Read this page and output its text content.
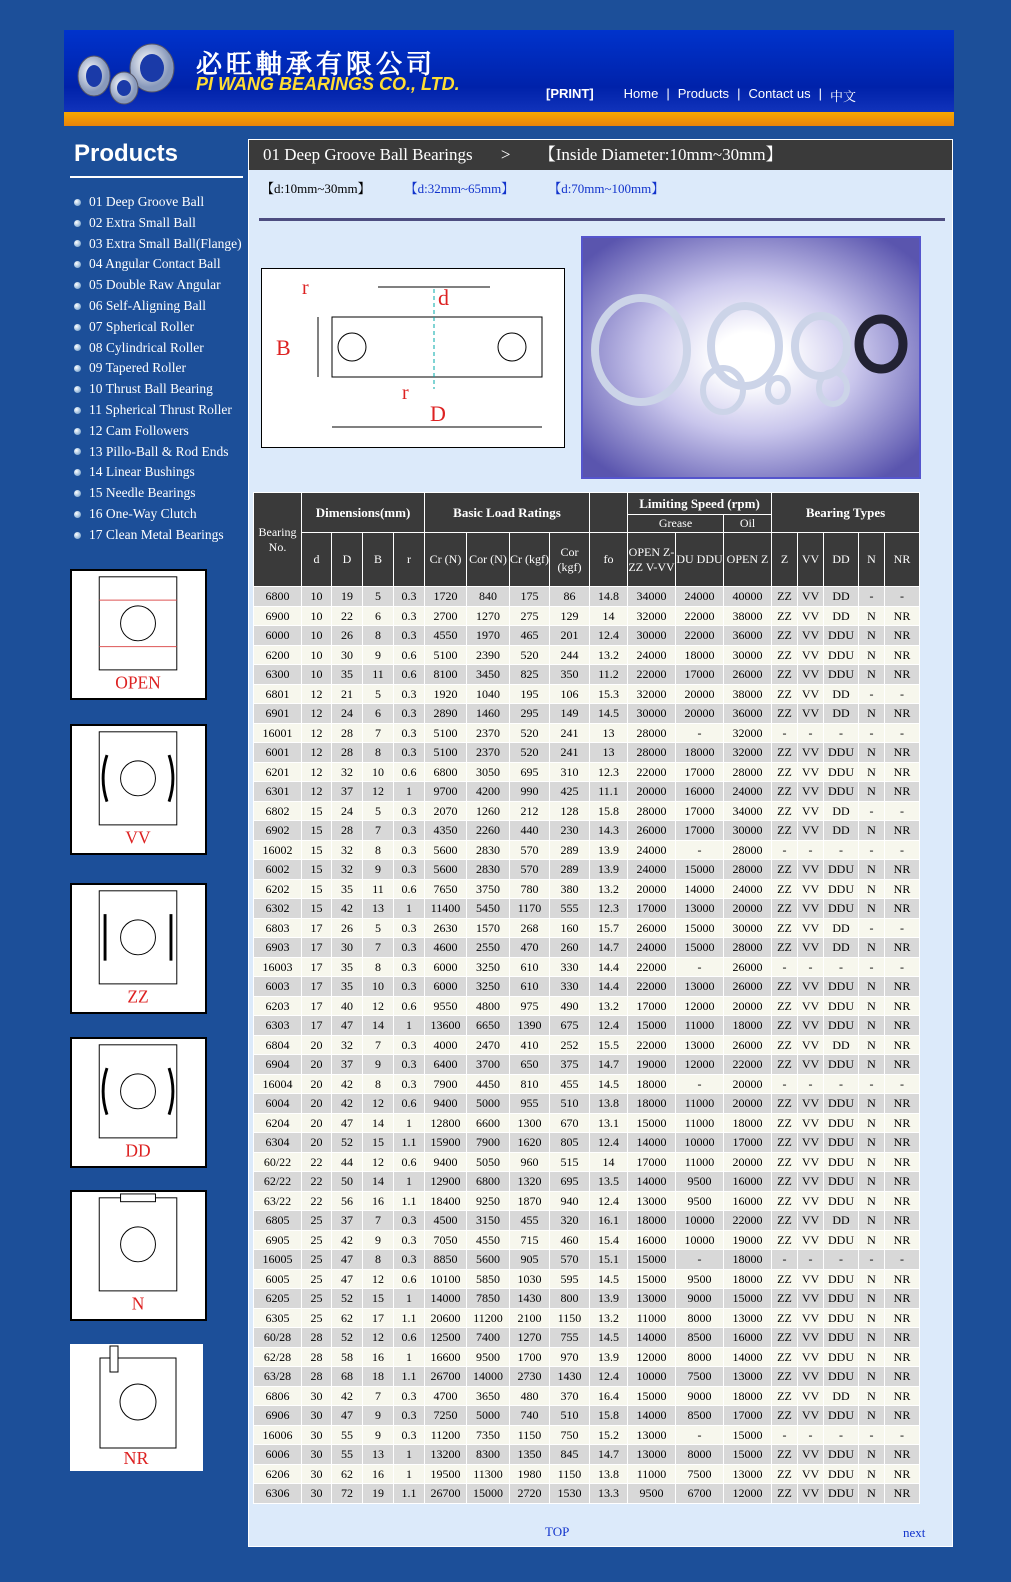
必旺軸承有限公司
PI WANG BEARINGS CO., LTD.	[PRINT] Home | Products | Contact us | 中文
Products
01 Deep Groove Ball
02 Extra Small Ball
03 Extra Small Ball(Flange)
04 Angular Contact Ball
05 Double Raw Angular
06 Self-Aligning Ball
07 Spherical Roller
08 Cylindrical Roller
09 Tapered Roller
10 Thrust Ball Bearing
11 Spherical Thrust Roller
12 Cam Followers
13 Pillo-Ball & Rod Ends
14 Linear Bushings
15 Needle Bearings
16 One-Way Clutch
17 Clean Metal Bearings
OPEN
VV
ZZ
DD
N
NR
01 Deep Groove Ball Bearings > 【Inside Diameter:10mm~30mm】
【d:10mm~30mm】	【d:32mm~65mm】	【d:70mm~100mm】
r	d
B
r
D
Bearing No.	Dimensions(mm)				Basic Load Ratings					Limiting Speed (rpm)			Bearing Types				
										Grease		Oil					
	d	D	B	r	Cr (N)	Cor (N)	Cr (kgf)	Cor (kgf)	fo	OPEN Z-ZZ V-VV	DU DDU	OPEN Z	Z	VV	DD	N	NR
6800	10	19	5	0.3	1720	840	175	86	14.8	34000	24000	40000	ZZ	VV	DD	-	-
6900	10	22	6	0.3	2700	1270	275	129	14	32000	22000	38000	ZZ	VV	DD	N	NR
6000	10	26	8	0.3	4550	1970	465	201	12.4	30000	22000	36000	ZZ	VV	DDU	N	NR
6200	10	30	9	0.6	5100	2390	520	244	13.2	24000	18000	30000	ZZ	VV	DDU	N	NR
6300	10	35	11	0.6	8100	3450	825	350	11.2	22000	17000	26000	ZZ	VV	DDU	N	NR
6801	12	21	5	0.3	1920	1040	195	106	15.3	32000	20000	38000	ZZ	VV	DD	-	-
6901	12	24	6	0.3	2890	1460	295	149	14.5	30000	20000	36000	ZZ	VV	DD	N	NR
16001	12	28	7	0.3	5100	2370	520	241	13	28000	-	32000	-	-	-	-	-
6001	12	28	8	0.3	5100	2370	520	241	13	28000	18000	32000	ZZ	VV	DDU	N	NR
6201	12	32	10	0.6	6800	3050	695	310	12.3	22000	17000	28000	ZZ	VV	DDU	N	NR
6301	12	37	12	1	9700	4200	990	425	11.1	20000	16000	24000	ZZ	VV	DDU	N	NR
6802	15	24	5	0.3	2070	1260	212	128	15.8	28000	17000	34000	ZZ	VV	DD	-	-
6902	15	28	7	0.3	4350	2260	440	230	14.3	26000	17000	30000	ZZ	VV	DD	N	NR
16002	15	32	8	0.3	5600	2830	570	289	13.9	24000	-	28000	-	-	-	-	-
6002	15	32	9	0.3	5600	2830	570	289	13.9	24000	15000	28000	ZZ	VV	DDU	N	NR
6202	15	35	11	0.6	7650	3750	780	380	13.2	20000	14000	24000	ZZ	VV	DDU	N	NR
6302	15	42	13	1	11400	5450	1170	555	12.3	17000	13000	20000	ZZ	VV	DDU	N	NR
6803	17	26	5	0.3	2630	1570	268	160	15.7	26000	15000	30000	ZZ	VV	DD	-	-
6903	17	30	7	0.3	4600	2550	470	260	14.7	24000	15000	28000	ZZ	VV	DD	N	NR
16003	17	35	8	0.3	6000	3250	610	330	14.4	22000	-	26000	-	-	-	-	-
6003	17	35	10	0.3	6000	3250	610	330	14.4	22000	13000	26000	ZZ	VV	DDU	N	NR
6203	17	40	12	0.6	9550	4800	975	490	13.2	17000	12000	20000	ZZ	VV	DDU	N	NR
6303	17	47	14	1	13600	6650	1390	675	12.4	15000	11000	18000	ZZ	VV	DDU	N	NR
6804	20	32	7	0.3	4000	2470	410	252	15.5	22000	13000	26000	ZZ	VV	DD	N	NR
6904	20	37	9	0.3	6400	3700	650	375	14.7	19000	12000	22000	ZZ	VV	DDU	N	NR
16004	20	42	8	0.3	7900	4450	810	455	14.5	18000	-	20000	-	-	-	-	-
6004	20	42	12	0.6	9400	5000	955	510	13.8	18000	11000	20000	ZZ	VV	DDU	N	NR
6204	20	47	14	1	12800	6600	1300	670	13.1	15000	11000	18000	ZZ	VV	DDU	N	NR
6304	20	52	15	1.1	15900	7900	1620	805	12.4	14000	10000	17000	ZZ	VV	DDU	N	NR
60/22	22	44	12	0.6	9400	5050	960	515	14	17000	11000	20000	ZZ	VV	DDU	N	NR
62/22	22	50	14	1	12900	6800	1320	695	13.5	14000	9500	16000	ZZ	VV	DDU	N	NR
63/22	22	56	16	1.1	18400	9250	1870	940	12.4	13000	9500	16000	ZZ	VV	DDU	N	NR
6805	25	37	7	0.3	4500	3150	455	320	16.1	18000	10000	22000	ZZ	VV	DD	N	NR
6905	25	42	9	0.3	7050	4550	715	460	15.4	16000	10000	19000	ZZ	VV	DDU	N	NR
16005	25	47	8	0.3	8850	5600	905	570	15.1	15000	-	18000	-	-	-	-	-
6005	25	47	12	0.6	10100	5850	1030	595	14.5	15000	9500	18000	ZZ	VV	DDU	N	NR
6205	25	52	15	1	14000	7850	1430	800	13.9	13000	9000	15000	ZZ	VV	DDU	N	NR
6305	25	62	17	1.1	20600	11200	2100	1150	13.2	11000	8000	13000	ZZ	VV	DDU	N	NR
60/28	28	52	12	0.6	12500	7400	1270	755	14.5	14000	8500	16000	ZZ	VV	DDU	N	NR
62/28	28	58	16	1	16600	9500	1700	970	13.9	12000	8000	14000	ZZ	VV	DDU	N	NR
63/28	28	68	18	1.1	26700	14000	2730	1430	12.4	10000	7500	13000	ZZ	VV	DDU	N	NR
6806	30	42	7	0.3	4700	3650	480	370	16.4	15000	9000	18000	ZZ	VV	DD	N	NR
6906	30	47	9	0.3	7250	5000	740	510	15.8	14000	8500	17000	ZZ	VV	DDU	N	NR
16006	30	55	9	0.3	11200	7350	1150	750	15.2	13000	-	15000	-	-	-	-	-
6006	30	55	13	1	13200	8300	1350	845	14.7	13000	8000	15000	ZZ	VV	DDU	N	NR
6206	30	62	16	1	19500	11300	1980	1150	13.8	11000	7500	13000	ZZ	VV	DDU	N	NR
6306	30	72	19	1.1	26700	15000	2720	1530	13.3	9500	6700	12000	ZZ	VV	DDU	N	NR
TOP	next
